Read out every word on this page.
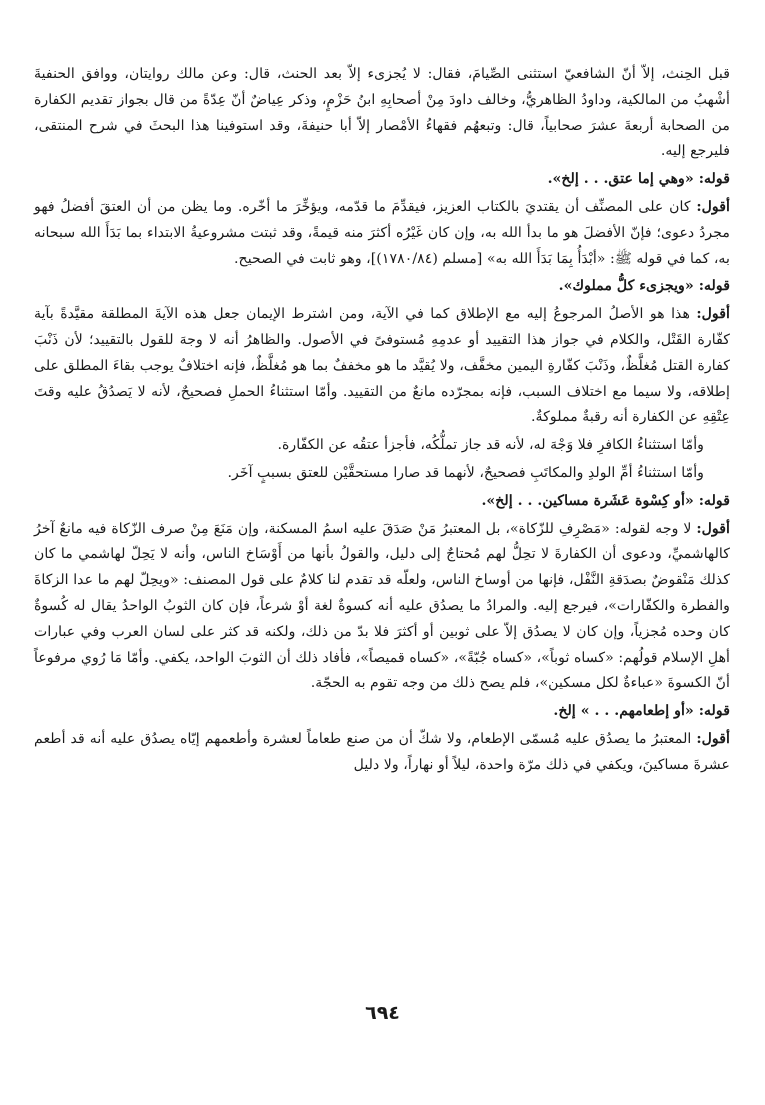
قبل الحِنث، إلاّ أنّ الشافعيّ استثنى الصِّيامَ، فقال: لا يُجزىء إلاّ بعد الحنث، قال: وعن مالك روايتان، ووافق الحنفيةَ أشْهبُ من المالكية، وداودُ الظاهريُّ، وخالف داودَ مِنْ أصحابِهِ ابنُ حَزْمٍ، وذكر عِياضٌ أنّ عِدّةً من قال بجواز تقديم الكفارة من الصحابة أربعةَ عشرَ صحابياً، قال: وتبعهُم فقهاءُ الأمْصار إلاّ أبا حنيفةَ، وقد استوفينا هذا البحثَ في شرح المنتقى، فليرجع إليه.

قوله: «وهي إما عتق. . . إلخ».

أقول: كان على المصنِّف أن يقتديَ بالكتاب العزيز، فيقدِّمَ ما قدّمه، ويؤخِّرَ ما أخّره. وما يظن من أن العتقَ أفضلُ فهو مجردُ دعوى؛ فإنّ الأفضلَ هو ما بدأ الله به، وإن كان غَيْرُه أكثرَ منه قيمةً، وقد ثبتت مشروعيةُ الابتداء بما بَدَأَ الله سبحانه به، كما في قوله ﷺ: «أبْدَأُ بِمَا بَدَأَ الله به» [مسلم (١٧٨٠/٨٤)]، وهو ثابت في الصحيح.

قوله: «ويجزىء كلُّ مملوك».

أقول: هذا هو الأصلُ المرجوعُ إليه مع الإطلاق كما في الآية، ومن اشترط الإيمان جعل هذه الآيةَ المطلقة مقيَّدةً بآية كفّارة القَتْل، والكلام في جواز هذا التقييد أو عدمِهِ مُستوفىً في الأصول. والظاهرُ أنه لا وجهَ للقول بالتقييد؛ لأن ذَنْبَ كفارة القتل مُغلَّظٌ، وذَنْبَ كفّارةِ اليمين مخفَّف، ولا يُقيَّد ما هو مخففٌ بما هو مُغلَّظٌ، فإنه اختلافٌ يوجب بقاءَ المطلق على إطلاقه، ولا سيما مع اختلاف السبب، فإنه بمجرّده مانعٌ من التقييد. وأمّا استثناءُ الحملِ فصحيحٌ، لأنه لا يَصدُقُ عليه وقتَ عِتْقِهِ عن الكفارة أنه رقبةٌ مملوكةٌ.

وأمّا استثناءُ الكافرِ فلا وَجْهَ له، لأنه قد جاز تملُّكُه، فأجزأ عتقُه عن الكفّارة.

وأمّا استثناءُ أمِّ الولدِ والمكاتَبِ فصحيحٌ، لأنهما قد صارا مستحقَّيْن للعتق بسببٍ آخَر.

قوله: «أو كِسْوة عَشَرة مساكين. . . إلخ».

أقول: لا وجه لقوله: «مَصْرِفِ للزّكاة»، بل المعتبرُ مَنْ صَدَقَ عليه اسمُ المسكنة، وإن مَنَعَ مِنْ صرف الزّكاة فيه مانعٌ آخرُ كالهاشميِّ، ودعوى أن الكفارةَ لا تحِلُّ لهم مُحتاجٌ إلى دليل، والقولُ بأنها من أَوْسَاخ الناس، وأنه لا يَحِلّ لهاشمي ما كان كذلك مَنْقوضٌ بصدَقةِ النَّفْل، فإنها من أوساخ الناس، ولعلّه قد تقدم لنا كلامٌ على قول المصنف: «ويحِلّ لهم ما عدا الزكاةَ والفطرة والكفّارات»، فيرجع إليه. والمرادُ ما يصدُق عليه أنه كسوةٌ لغة أوْ شرعاً، فإن كان الثوبُ الواحدُ يقال له كُسوةٌ كان وحده مُجزياً، وإن كان لا يصدُق إلاّ على ثوبين أو أكثرَ فلا بدّ من ذلك، ولكنه قد كثر على لسان العرب وفي عبارات أهلِ الإسلام قولُهم: «كساه ثوباً»، «كساه جُبّةً»، «كساه قميصاً»، فأفاد ذلك أن الثوبَ الواحد، يكفي. وأمّا مَا رُوي مرفوعاً أنّ الكسوةَ «عباءةٌ لكل مسكين»، فلم يصح ذلك من وجه تقوم به الحجّة.

قوله: «أو إطعامهم. . . » إلخ.

أقول: المعتبرُ ما يصدُق عليه مُسمّى الإطعام، ولا شكّ أن من صنع طعاماً لعشرة وأطعمهم إيّاه يصدُق عليه أنه قد أطعم عشرةَ مساكينَ، ويكفي في ذلك مرّة واحدة، ليلاً أو نهاراً، ولا دليل

٦٩٤
